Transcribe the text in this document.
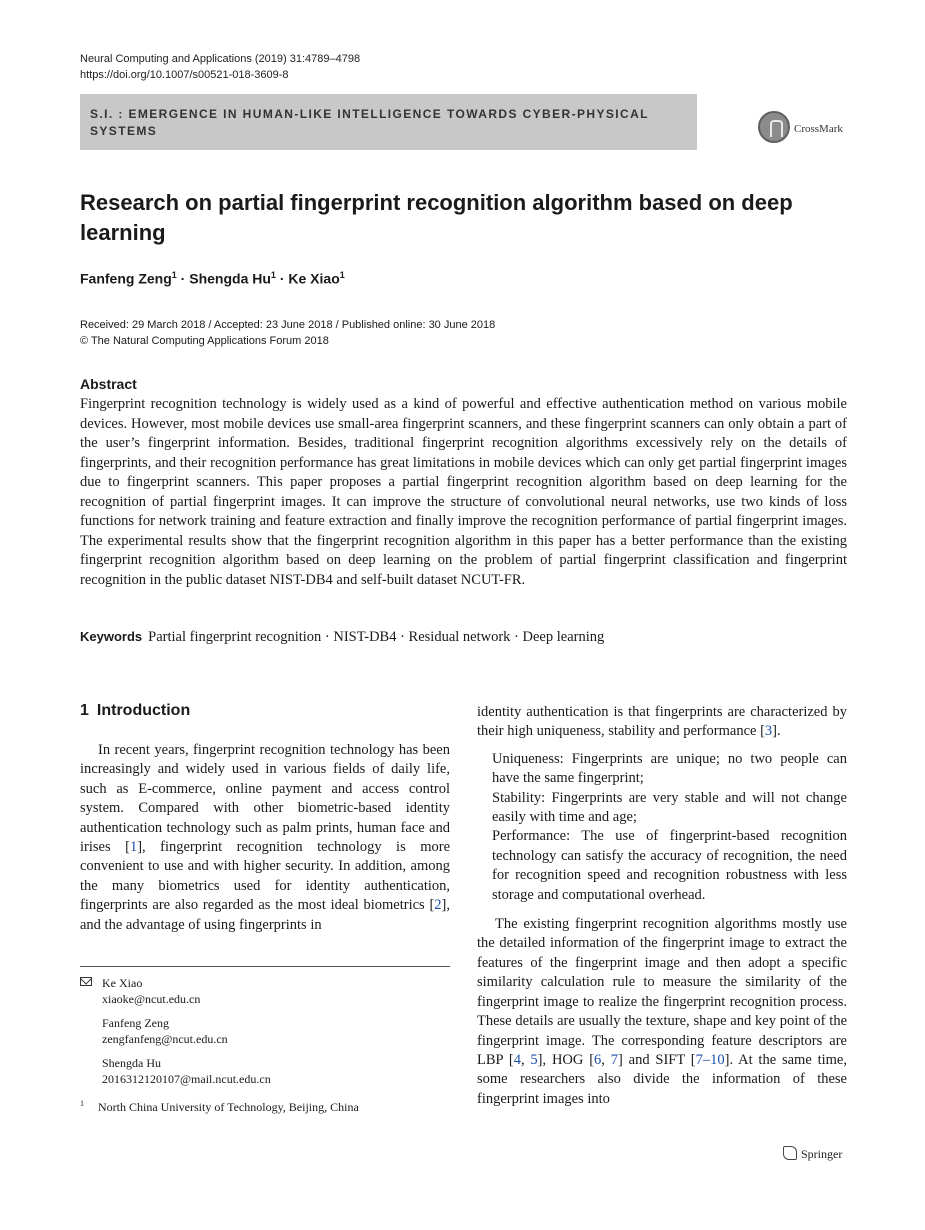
Neural Computing and Applications (2019) 31:4789–4798
https://doi.org/10.1007/s00521-018-3609-8
S.I. : EMERGENCE IN HUMAN-LIKE INTELLIGENCE TOWARDS CYBER-PHYSICAL SYSTEMS	CrossMark
Research on partial fingerprint recognition algorithm based on deep learning
Fanfeng Zeng$^1$ · Shengda $Hu^1 \cdot Ke$ Xiao$^1$
Received: 29 March 2018 / Accepted: 23 June 2018 / Published online: 30 June 2018
© The Natural Computing Applications Forum 2018
Abstract

Fingerprint recognition technology is widely used as a kind of powerful and effective authentication method on various mobile devices. However, most mobile devices use small-area fingerprint scanners, and these fingerprint scanners can only obtain a part of the user’s fingerprint information. Besides, traditional fingerprint recognition algorithms excessively rely on the details of fingerprints, and their recognition performance has great limitations in mobile devices which can only get partial fingerprint images due to fingerprint scanners. This paper proposes a partial fingerprint recognition algorithm based on deep learning for the recognition of partial fingerprint images. It can improve the structure of convolutional neural networks, use two kinds of loss functions for network training and feature extraction and finally improve the recognition performance of partial fingerprint images. The experimental results show that the fingerprint recognition algorithm in this paper has a better performance than the existing fingerprint recognition algorithm based on deep learning on the problem of partial fingerprint classification and fingerprint recognition in the public dataset NIST-DB4 and self-built dataset NCUT-FR.

Keywords Partial fingerprint recognition · NIST-DB4 · Residual network · Deep learning
1 Introduction

In recent years, fingerprint recognition technology has been increasingly and widely used in various fields of daily life, such as E-commerce, online payment and access control system. Compared with other biometric-based identity authentication technology such as palm prints, human face and irises [1], fingerprint recognition technology is more convenient to use and with higher security. In addition, among the many biometrics used for identity authentication, fingerprints are also regarded as the most ideal biometrics [2], and the advantage of using fingerprints in

identity authentication is that fingerprints are characterized by their high uniqueness, stability and performance [3].

Uniqueness: Fingerprints are unique; no two people can have the same fingerprint;

Stability: Fingerprints are very stable and will not change easily with time and age;

Performance: The use of fingerprint-based recognition technology can satisfy the accuracy of recognition, the need for recognition speed and recognition robustness with less storage and computational overhead.

The existing fingerprint recognition algorithms mostly use the detailed information of the fingerprint image to extract the features of the fingerprint image and then adopt a specific similarity calculation rule to measure the similarity of the fingerprint image to realize the fingerprint recognition process. These details are usually the texture, shape and key point of the fingerprint image. The corresponding feature descriptors are LBP [4, 5], HOG [6, 7] and SIFT [7–10]. At the same time, some researchers also divide the information of these fingerprint images into

Ke Xiao
xiaoke@ncut.edu.cn
Fanfeng Zeng
zengfanfeng@ncut.edu.cn
Shengda Hu
2016312120107@mail.ncut.edu.cn
$^1$ North China University of Technology, Beijing, China
Springer
